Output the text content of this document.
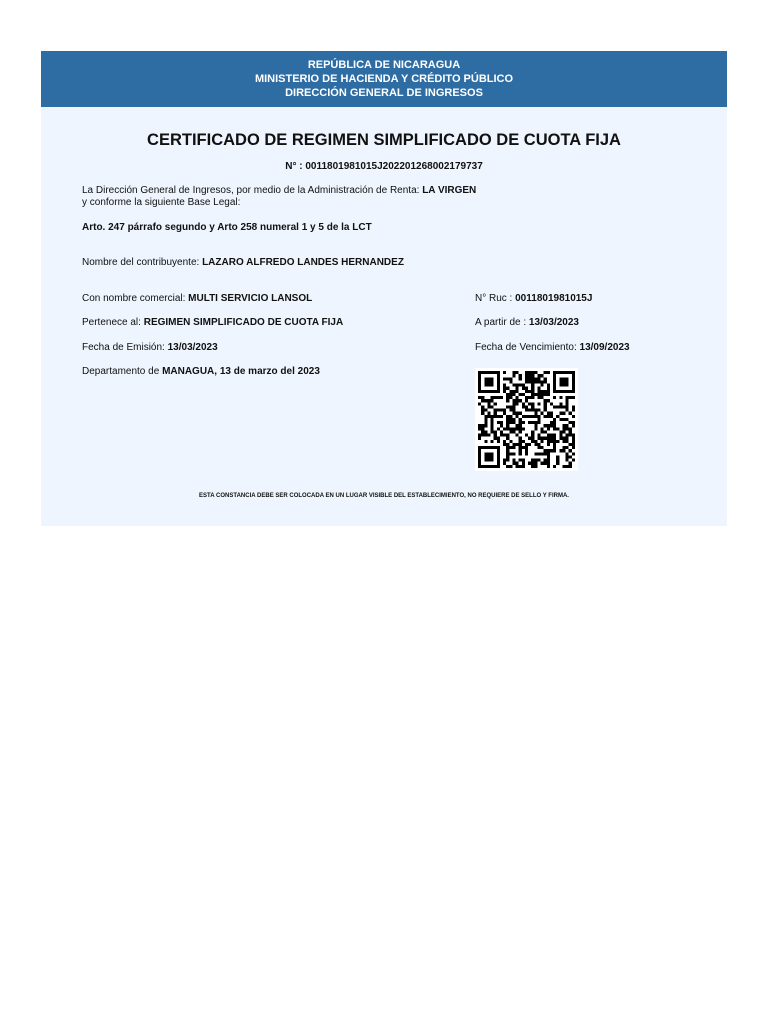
REPÚBLICA DE NICARAGUA
MINISTERIO DE HACIENDA Y CRÉDITO PÚBLICO
DIRECCIÓN GENERAL DE INGRESOS
CERTIFICADO DE REGIMEN SIMPLIFICADO DE CUOTA FIJA
N° : 0011801981015J202201268002179737
La Dirección General de Ingresos, por medio de la Administración de Renta: LA VIRGEN
y conforme la siguiente Base Legal:
Arto. 247 párrafo segundo y Arto 258 numeral 1 y 5 de la LCT
Nombre del contribuyente: LAZARO ALFREDO LANDES HERNANDEZ
Con nombre comercial: MULTI SERVICIO LANSOL	N° Ruc : 0011801981015J
Pertenece al: REGIMEN SIMPLIFICADO DE CUOTA FIJA	A partir de : 13/03/2023
Fecha de Emisión: 13/03/2023	Fecha de Vencimiento: 13/09/2023
Departamento de MANAGUA, 13 de marzo del 2023
ESTA CONSTANCIA DEBE SER COLOCADA EN UN LUGAR VISIBLE DEL ESTABLECIMIENTO, NO REQUIERE DE SELLO Y FIRMA.
